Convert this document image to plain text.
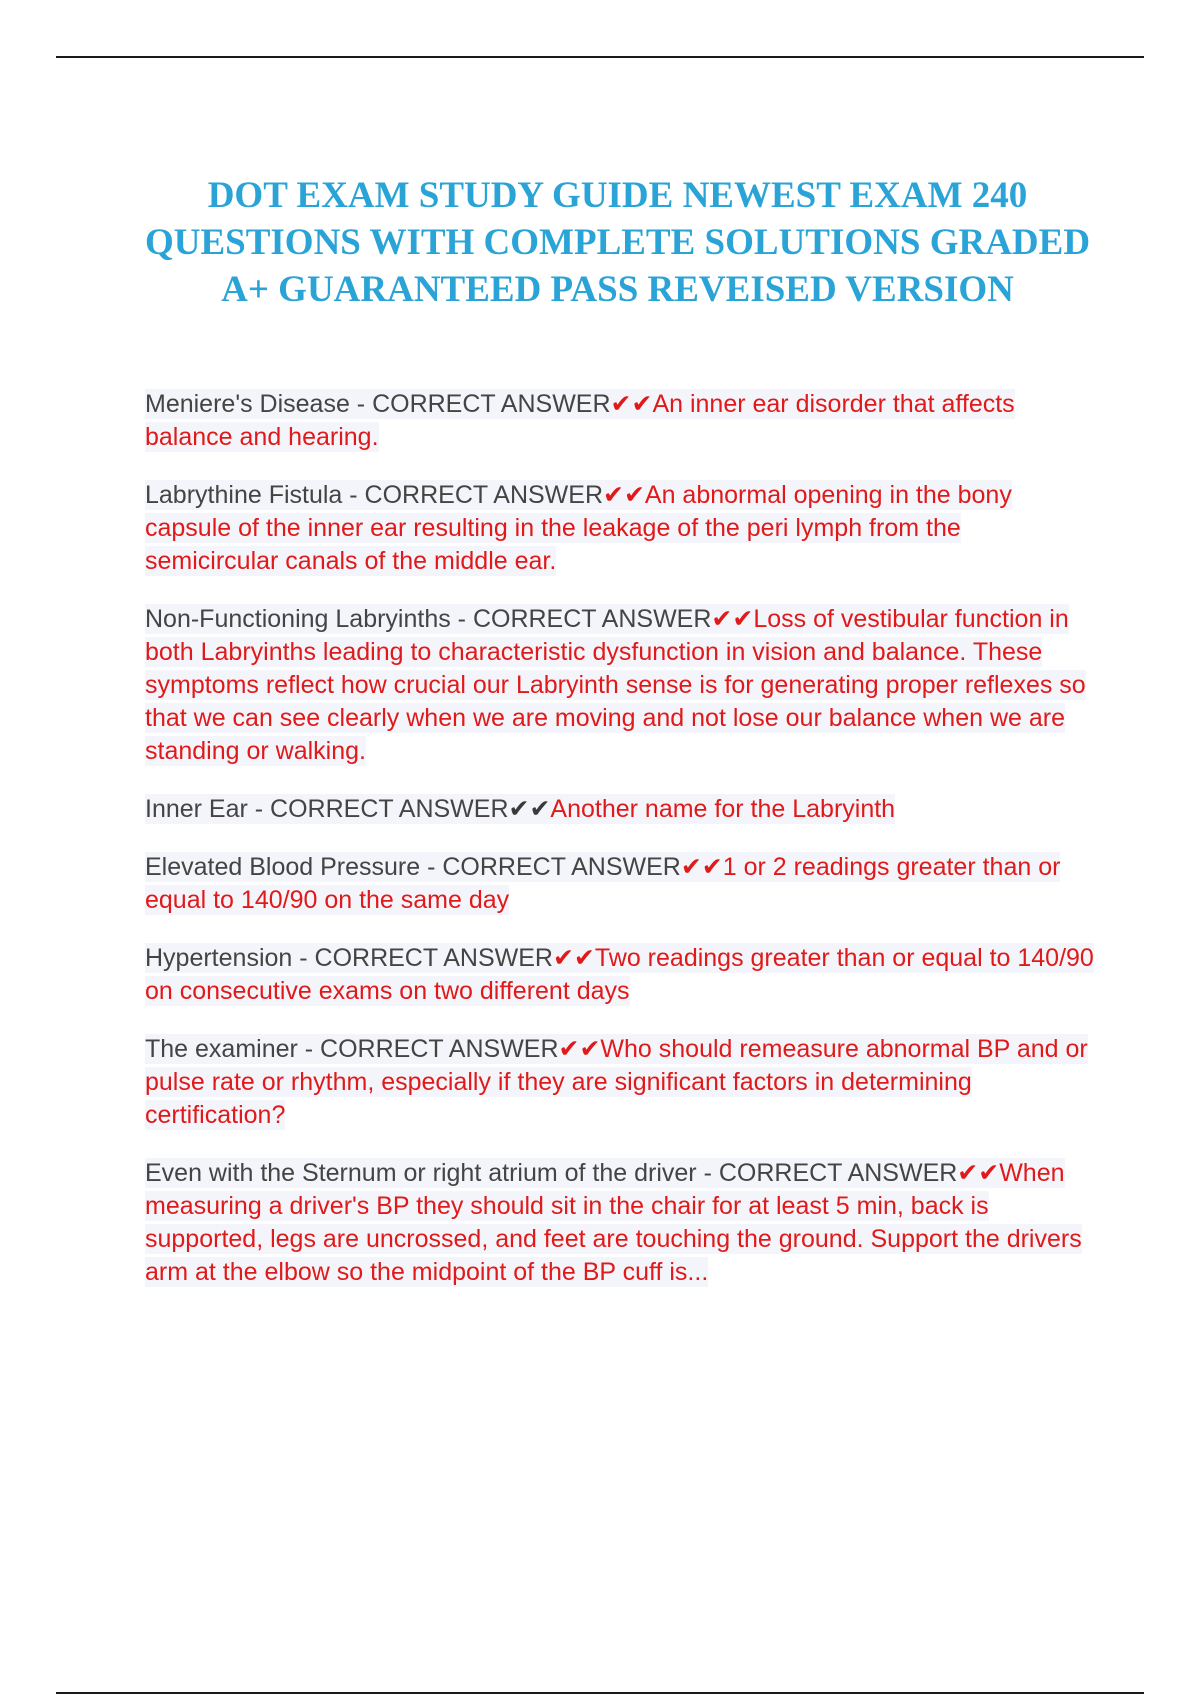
DOT EXAM STUDY GUIDE NEWEST EXAM 240 QUESTIONS WITH COMPLETE SOLUTIONS GRADED A+ GUARANTEED PASS REVEISED VERSION

Meniere's Disease - CORRECT ANSWER✔✔An inner ear disorder that affects balance and hearing.

Labrythine Fistula - CORRECT ANSWER✔✔An abnormal opening in the bony capsule of the inner ear resulting in the leakage of the peri lymph from the semicircular canals of the middle ear.

Non-Functioning Labryinths - CORRECT ANSWER✔✔Loss of vestibular function in both Labryinths leading to characteristic dysfunction in vision and balance. These symptoms reflect how crucial our Labryinth sense is for generating proper reflexes so that we can see clearly when we are moving and not lose our balance when we are standing or walking.

Inner Ear - CORRECT ANSWER✔✔Another name for the Labryinth

Elevated Blood Pressure - CORRECT ANSWER✔✔1 or 2 readings greater than or equal to 140/90 on the same day

Hypertension - CORRECT ANSWER✔✔Two readings greater than or equal to 140/90 on consecutive exams on two different days

The examiner - CORRECT ANSWER✔✔Who should remeasure abnormal BP and or pulse rate or rhythm, especially if they are significant factors in determining certification?

Even with the Sternum or right atrium of the driver - CORRECT ANSWER✔✔When measuring a driver's BP they should sit in the chair for at least 5 min, back is supported, legs are uncrossed, and feet are touching the ground. Support the drivers arm at the elbow so the midpoint of the BP cuff is...
